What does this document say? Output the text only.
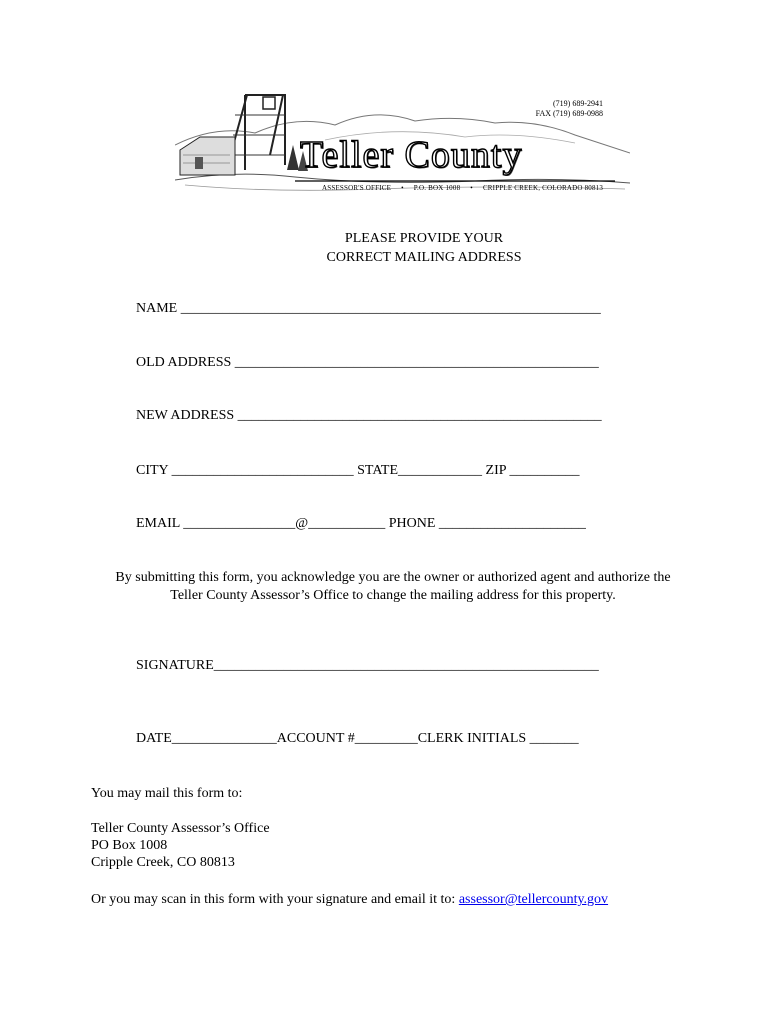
(719) 689-2941
FAX (719) 689-0988
Teller County
ASSESSOR'S OFFICE • P.O. BOX 1008 • CRIPPLE CREEK, COLORADO 80813
PLEASE PROVIDE YOUR
CORRECT MAILING ADDRESS
NAME ____________________________________________________________
OLD ADDRESS ____________________________________________________
NEW ADDRESS ____________________________________________________
CITY __________________________ STATE____________ ZIP __________
EMAIL ________________@___________ PHONE _____________________
By submitting this form, you acknowledge you are the owner or authorized agent and authorize the
Teller County Assessor’s Office to change the mailing address for this property.
SIGNATURE_______________________________________________________
DATE_______________ACCOUNT #_________CLERK INITIALS _______
You may mail this form to:
Teller County Assessor’s Office
PO Box 1008
Cripple Creek, CO 80813
Or you may scan in this form with your signature and email it to: assessor@tellercounty.gov
